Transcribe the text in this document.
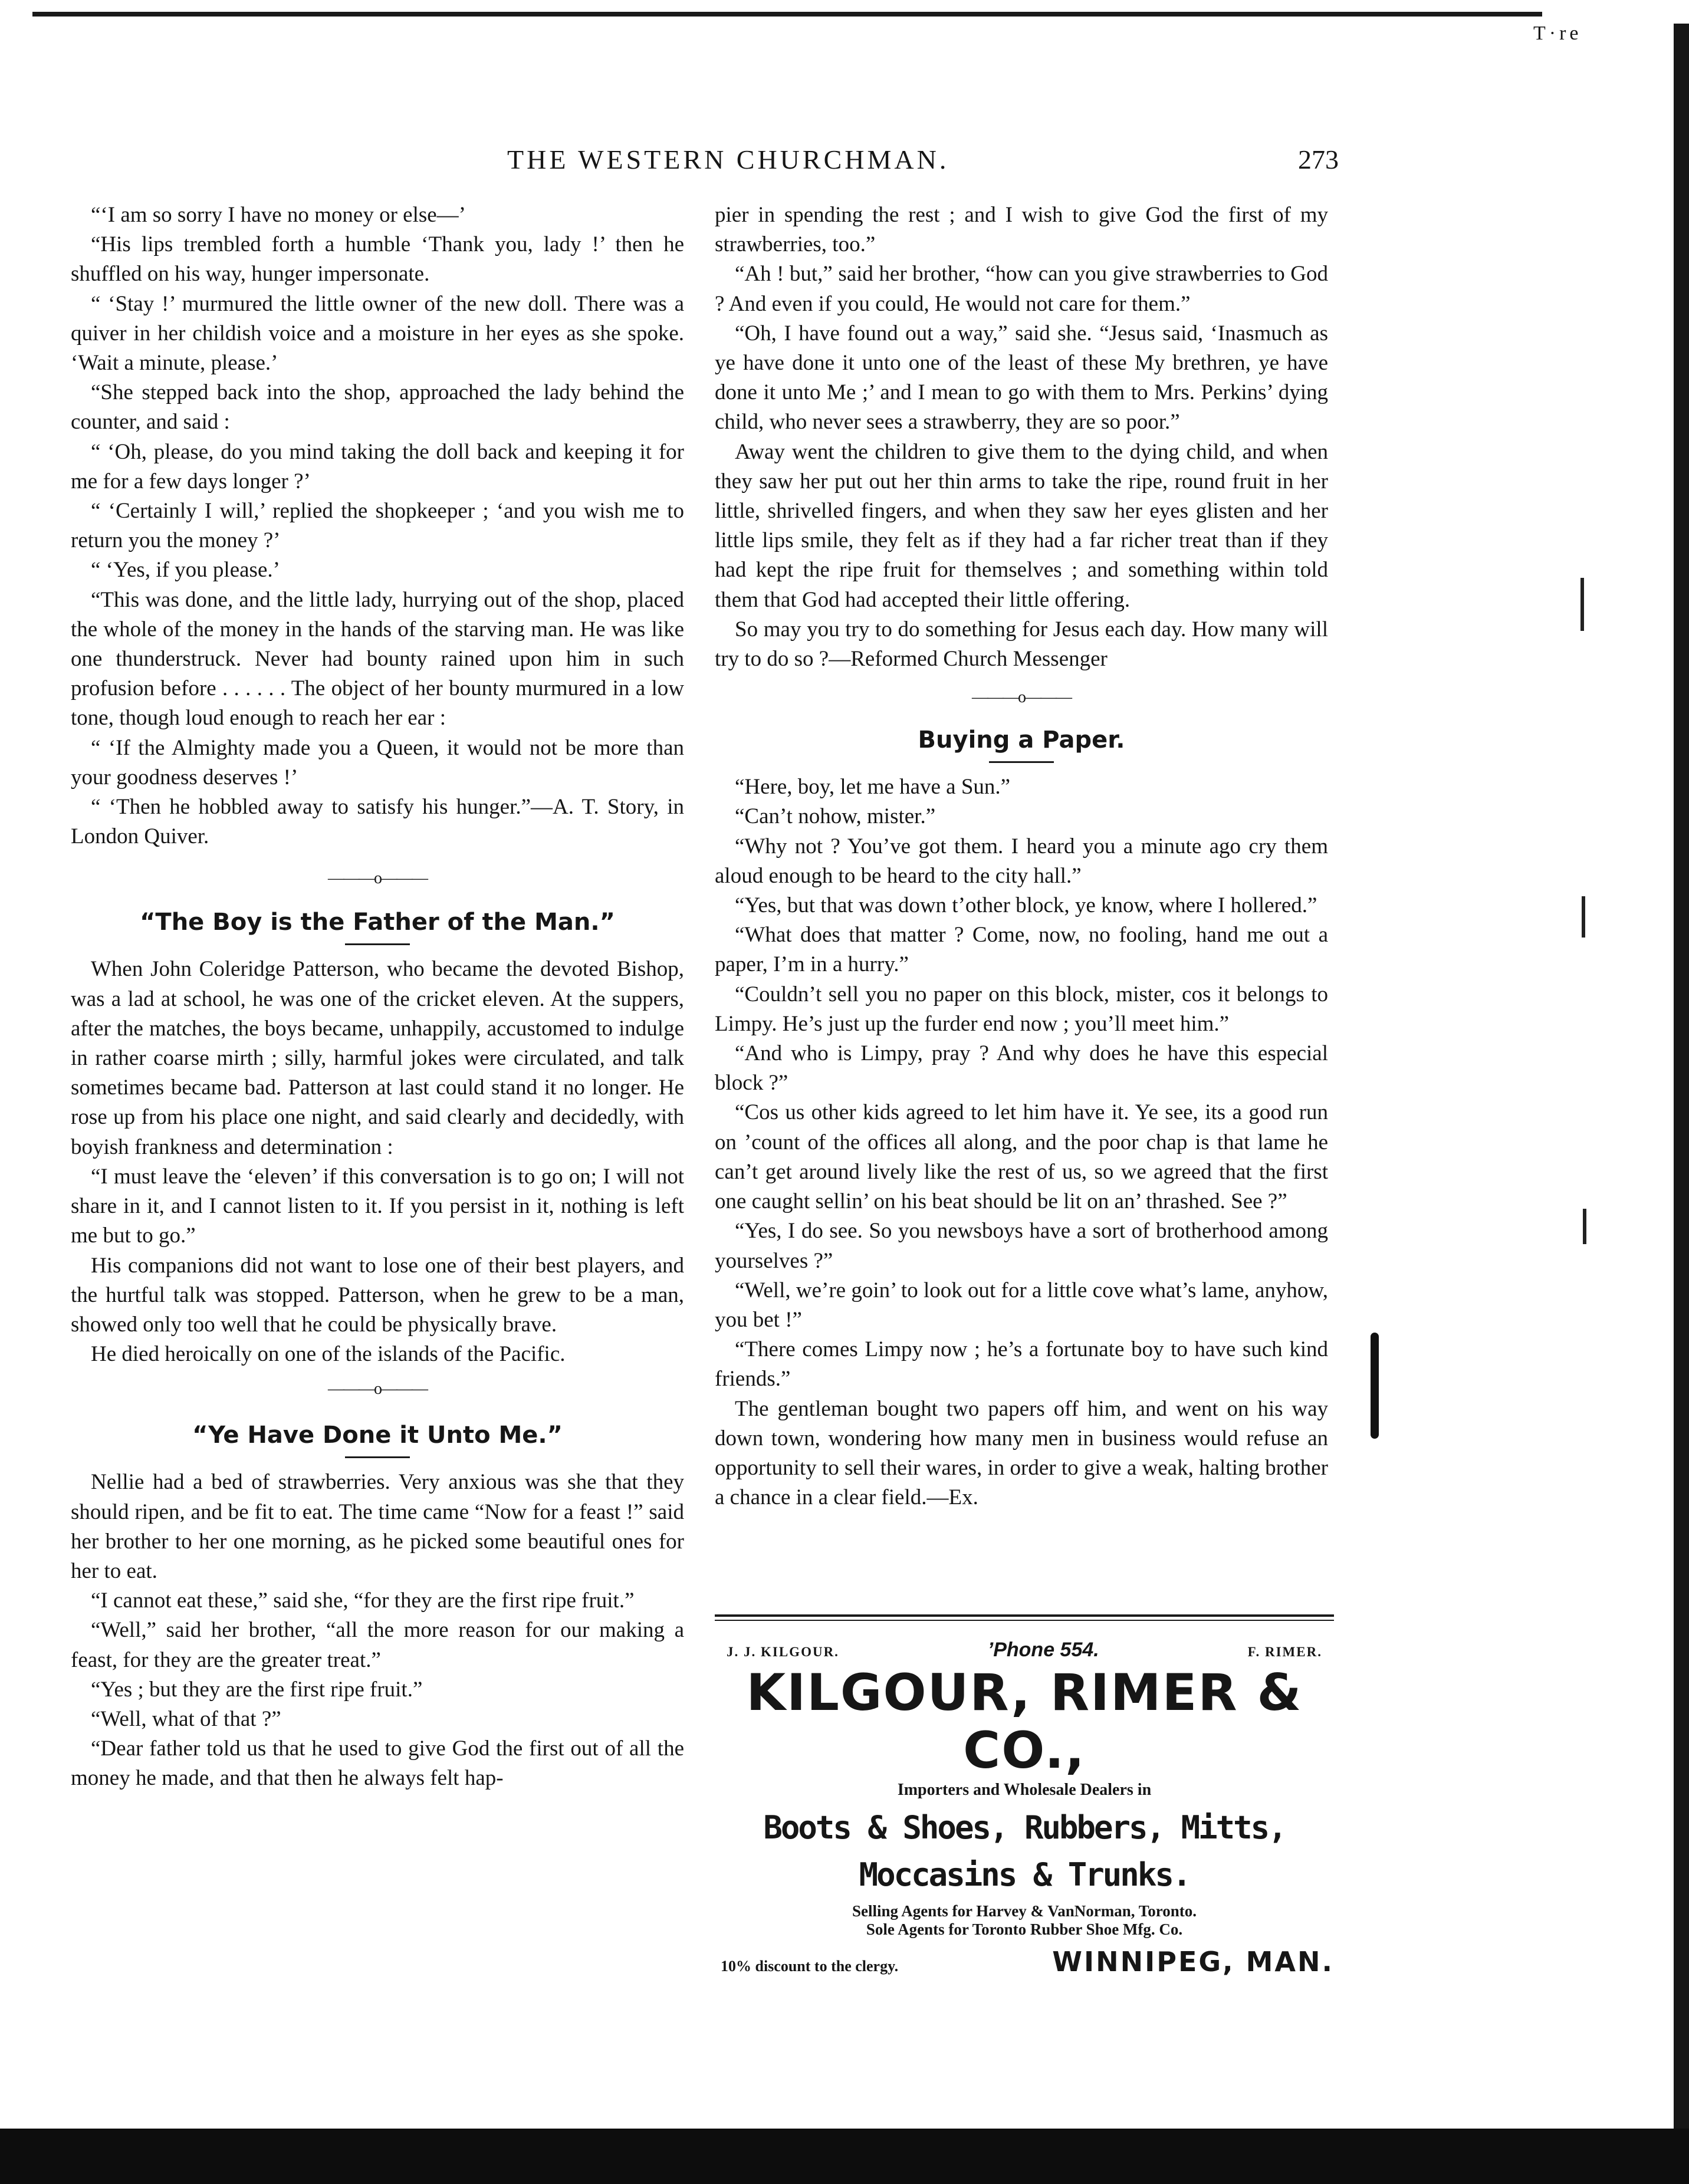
T·re
THE WESTERN CHURCHMAN.	273

“‘I am so sorry I have no money or else—’

“His lips trembled forth a humble ‘Thank you, lady !’ then he shuffled on his way, hunger impersonate.

“ ‘Stay !’ murmured the little owner of the new doll. There was a quiver in her childish voice and a moisture in her eyes as she spoke. ‘Wait a minute, please.’

“She stepped back into the shop, approached the lady behind the counter, and said :

“ ‘Oh, please, do you mind taking the doll back and keeping it for me for a few days longer ?’

“ ‘Certainly I will,’ replied the shopkeeper ; ‘and you wish me to return you the money ?’

“ ‘Yes, if you please.’

“This was done, and the little lady, hurrying out of the shop, placed the whole of the money in the hands of the starving man. He was like one thunderstruck. Never had bounty rained upon him in such profusion before . . . . . . The object of her bounty murmured in a low tone, though loud enough to reach her ear :

“ ‘If the Almighty made you a Queen, it would not be more than your goodness deserves !’

“ ‘Then he hobbled away to satisfy his hunger.”—A. T. Story, in London Quiver.

———o———
“The Boy is the Father of the Man.”

When John Coleridge Patterson, who became the devoted Bishop, was a lad at school, he was one of the cricket eleven. At the suppers, after the matches, the boys became, unhappily, accustomed to indulge in rather coarse mirth ; silly, harmful jokes were circulated, and talk sometimes became bad. Patterson at last could stand it no longer. He rose up from his place one night, and said clearly and decidedly, with boyish frankness and determination :

“I must leave the ‘eleven’ if this conversation is to go on; I will not share in it, and I cannot listen to it. If you persist in it, nothing is left me but to go.”

His companions did not want to lose one of their best players, and the hurtful talk was stopped. Patterson, when he grew to be a man, showed only too well that he could be physically brave.

He died heroically on one of the islands of the Pacific.

———o———
“Ye Have Done it Unto Me.”

Nellie had a bed of strawberries. Very anxious was she that they should ripen, and be fit to eat. The time came “Now for a feast !” said her brother to her one morning, as he picked some beautiful ones for her to eat.

“I cannot eat these,” said she, “for they are the first ripe fruit.”

“Well,” said her brother, “all the more reason for our making a feast, for they are the greater treat.”

“Yes ; but they are the first ripe fruit.”

“Well, what of that ?”

“Dear father told us that he used to give God the first out of all the money he made, and that then he always felt hap-

pier in spending the rest ; and I wish to give God the first of my strawberries, too.”

“Ah ! but,” said her brother, “how can you give strawberries to God ? And even if you could, He would not care for them.”

“Oh, I have found out a way,” said she. “Jesus said, ‘Inasmuch as ye have done it unto one of the least of these My brethren, ye have done it unto Me ;’ and I mean to go with them to Mrs. Perkins’ dying child, who never sees a strawberry, they are so poor.”

Away went the children to give them to the dying child, and when they saw her put out her thin arms to take the ripe, round fruit in her little, shrivelled fingers, and when they saw her eyes glisten and her little lips smile, they felt as if they had a far richer treat than if they had kept the ripe fruit for themselves ; and something within told them that God had accepted their little offering.

So may you try to do something for Jesus each day. How many will try to do so ?—Reformed Church Messenger

———o———
Buying a Paper.

“Here, boy, let me have a Sun.”

“Can’t nohow, mister.”

“Why not ? You’ve got them. I heard you a minute ago cry them aloud enough to be heard to the city hall.”

“Yes, but that was down t’other block, ye know, where I hollered.”

“What does that matter ? Come, now, no fooling, hand me out a paper, I’m in a hurry.”

“Couldn’t sell you no paper on this block, mister, cos it belongs to Limpy. He’s just up the furder end now ; you’ll meet him.”

“And who is Limpy, pray ? And why does he have this especial block ?”

“Cos us other kids agreed to let him have it. Ye see, its a good run on ’count of the offices all along, and the poor chap is that lame he can’t get around lively like the rest of us, so we agreed that the first one caught sellin’ on his beat should be lit on an’ thrashed. See ?”

“Yes, I do see. So you newsboys have a sort of brotherhood among yourselves ?”

“Well, we’re goin’ to look out for a little cove what’s lame, anyhow, you bet !”

“There comes Limpy now ; he’s a fortunate boy to have such kind friends.”

The gentleman bought two papers off him, and went on his way down town, wondering how many men in business would refuse an opportunity to sell their wares, in order to give a weak, halting brother a chance in a clear field.—Ex.

J. J. KILGOUR.	’Phone 554.	F. RIMER.
KILGOUR, RIMER & CO.,
Importers and Wholesale Dealers in
Boots & Shoes, Rubbers, Mitts, Moccasins & Trunks.
Selling Agents for Harvey & VanNorman, Toronto.
Sole Agents for Toronto Rubber Shoe Mfg. Co.
10% discount to the clergy.	WINNIPEG, MAN.
